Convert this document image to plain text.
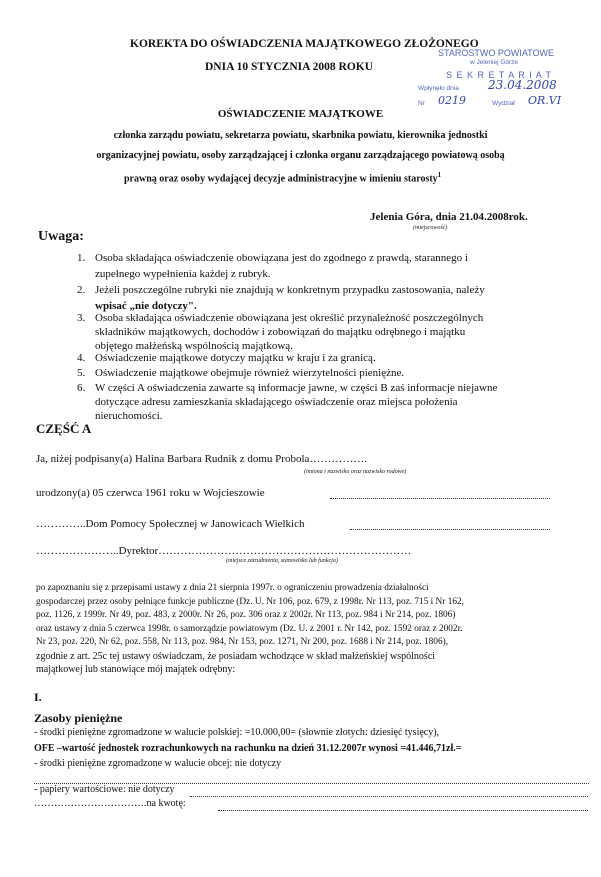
KOREKTA DO OŚWIADCZENIA MAJĄTKOWEGO ZŁOŻONEGO
DNIA 10 STYCZNIA 2008 ROKU
STAROSTWO POWIATOWE
w Jeleniej Górze
S E K R E T A R I A T
Wpłynęło dnia 23.04.2008
Nr 0219	Wydział OR.VI
OŚWIADCZENIE MAJĄTKOWE
członka zarządu powiatu, sekretarza powiatu, skarbnika powiatu, kierownika jednostki
organizacyjnej powiatu, osoby zarządzającej i członka organu zarządzającego powiatową osobą
prawną oraz osoby wydającej decyzje administracyjne w imieniu starosty$^1$
Jelenia Góra, dnia 21.04.2008rok.
(miejscowość)
Uwaga:
1. Osoba składająca oświadczenie obowiązana jest do zgodnego z prawdą, starannego i
zupełnego wypełnienia każdej z rubryk.
2. Jeżeli poszczególne rubryki nie znajdują w konkretnym przypadku zastosowania, należy
wpisać „nie dotyczy".
3. Osoba składająca oświadczenie obowiązana jest określić przynależność poszczególnych
składników majątkowych, dochodów i zobowiązań do majątku odrębnego i majątku
objętego małżeńską wspólnością majątkową.
4. Oświadczenie majątkowe dotyczy majątku w kraju i za granicą.
5. Oświadczenie majątkowe obejmuje również wierzytelności pieniężne.
6. W części A oświadczenia zawarte są informacje jawne, w części B zaś informacje niejawne
dotyczące adresu zamieszkania składającego oświadczenie oraz miejsca położenia
nieruchomości.
CZĘŚĆ A
Ja, niżej podpisany(a) Halina Barbara Rudnik z domu Probola…………….
(imiona i nazwisko oraz nazwisko rodowe)
urodzony(a) 05 czerwca 1961 roku w Wojcieszowie
…………..Dom Pomocy Społecznej w Janowicach Wielkich
…………………..Dyrektor……………………………………………………………
(miejsce zatrudnienia, stanowisko lub funkcja)
po zapoznaniu się z przepisami ustawy z dnia 21 sierpnia 1997r. o ograniczeniu prowadzenia działalności
gospodarczej przez osoby pełniące funkcje publiczne (Dz. U. Nr 106, poz. 679, z 1998r. Nr 113, poz. 715 i Nr 162,
poz. 1126, z 1999r. Nr 49, poz. 483, z 2000r. Nr 26, poz. 306 oraz z 2002r. Nr 113, poz. 984 i Nr 214, poz. 1806)
oraz ustawy z dnia 5 czerwca 1998r. o samorządzie powiatowym (Dz. U. z 2001 r. Nr 142, poz. 1592 oraz z 2002r.
Nr 23, poz. 220, Nr 62, poz. 558, Nr 113, poz. 984, Nr 153, poz. 1271, Nr 200, poz. 1688 i Nr 214, poz. 1806),
zgodnie z art. 25c tej ustawy oświadczam, że posiadam wchodzące w skład małżeńskiej wspólności
majątkowej lub stanowiące mój majątek odrębny:
I.
Zasoby pieniężne
- środki pieniężne zgromadzone w walucie polskiej: =10.000,00= (słownie złotych: dziesięć tysięcy),
OFE –wartość jednostek rozrachunkowych na rachunku na dzień 31.12.2007r wynosi =41.446,71zł.=
- środki pieniężne zgromadzone w walucie obcej: nie dotyczy
- papiery wartościowe: nie dotyczy
…………………………….na kwotę:
